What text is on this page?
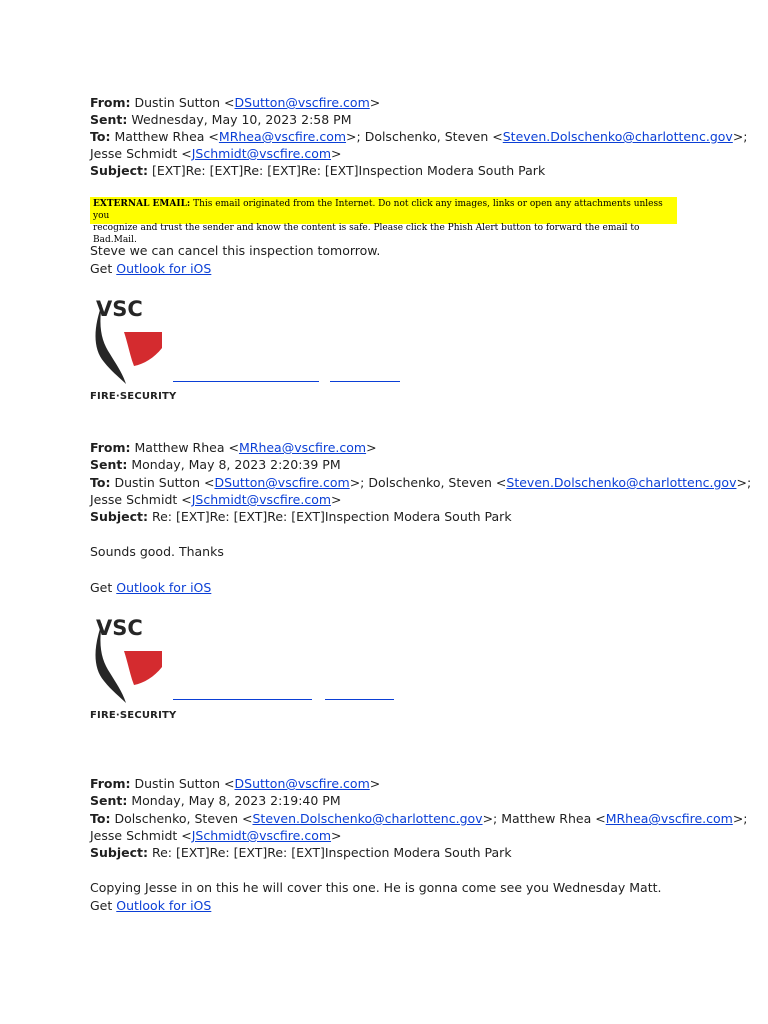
From: Dustin Sutton <DSutton@vscfire.com>
Sent: Wednesday, May 10, 2023 2:58 PM
To: Matthew Rhea <MRhea@vscfire.com>; Dolschenko, Steven <Steven.Dolschenko@charlottenc.gov>;
Jesse Schmidt <JSchmidt@vscfire.com>
Subject: [EXT]Re: [EXT]Re: [EXT]Re: [EXT]Inspection Modera South Park
EXTERNAL EMAIL: This email originated from the Internet. Do not click any images, links or open any attachments unless you
recognize and trust the sender and know the content is safe. Please click the Phish Alert button to forward the email to Bad.Mail.
Steve we can cancel this inspection tomorrow.
Get Outlook for iOS
VSC
FIRE·SECURITY
From: Matthew Rhea <MRhea@vscfire.com>
Sent: Monday, May 8, 2023 2:20:39 PM
To: Dustin Sutton <DSutton@vscfire.com>; Dolschenko, Steven <Steven.Dolschenko@charlottenc.gov>;
Jesse Schmidt <JSchmidt@vscfire.com>
Subject: Re: [EXT]Re: [EXT]Re: [EXT]Inspection Modera South Park
Sounds good. Thanks
Get Outlook for iOS
VSC
FIRE·SECURITY
From: Dustin Sutton <DSutton@vscfire.com>
Sent: Monday, May 8, 2023 2:19:40 PM
To: Dolschenko, Steven <Steven.Dolschenko@charlottenc.gov>; Matthew Rhea <MRhea@vscfire.com>;
Jesse Schmidt <JSchmidt@vscfire.com>
Subject: Re: [EXT]Re: [EXT]Re: [EXT]Inspection Modera South Park
Copying Jesse in on this he will cover this one. He is gonna come see you Wednesday Matt.
Get Outlook for iOS
